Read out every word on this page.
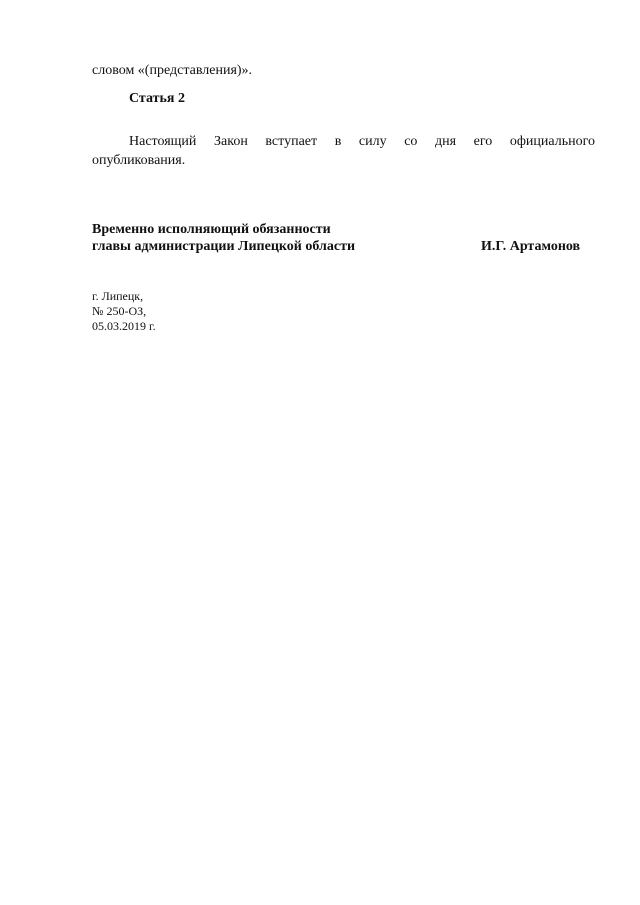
словом «(представления)».
Статья 2
Настоящий Закон вступает в силу со дня его официального
опубликования.
Временно исполняющий обязанности
главы администрации Липецкой области	И.Г. Артамонов
г. Липецк,
№ 250-ОЗ,
05.03.2019 г.
